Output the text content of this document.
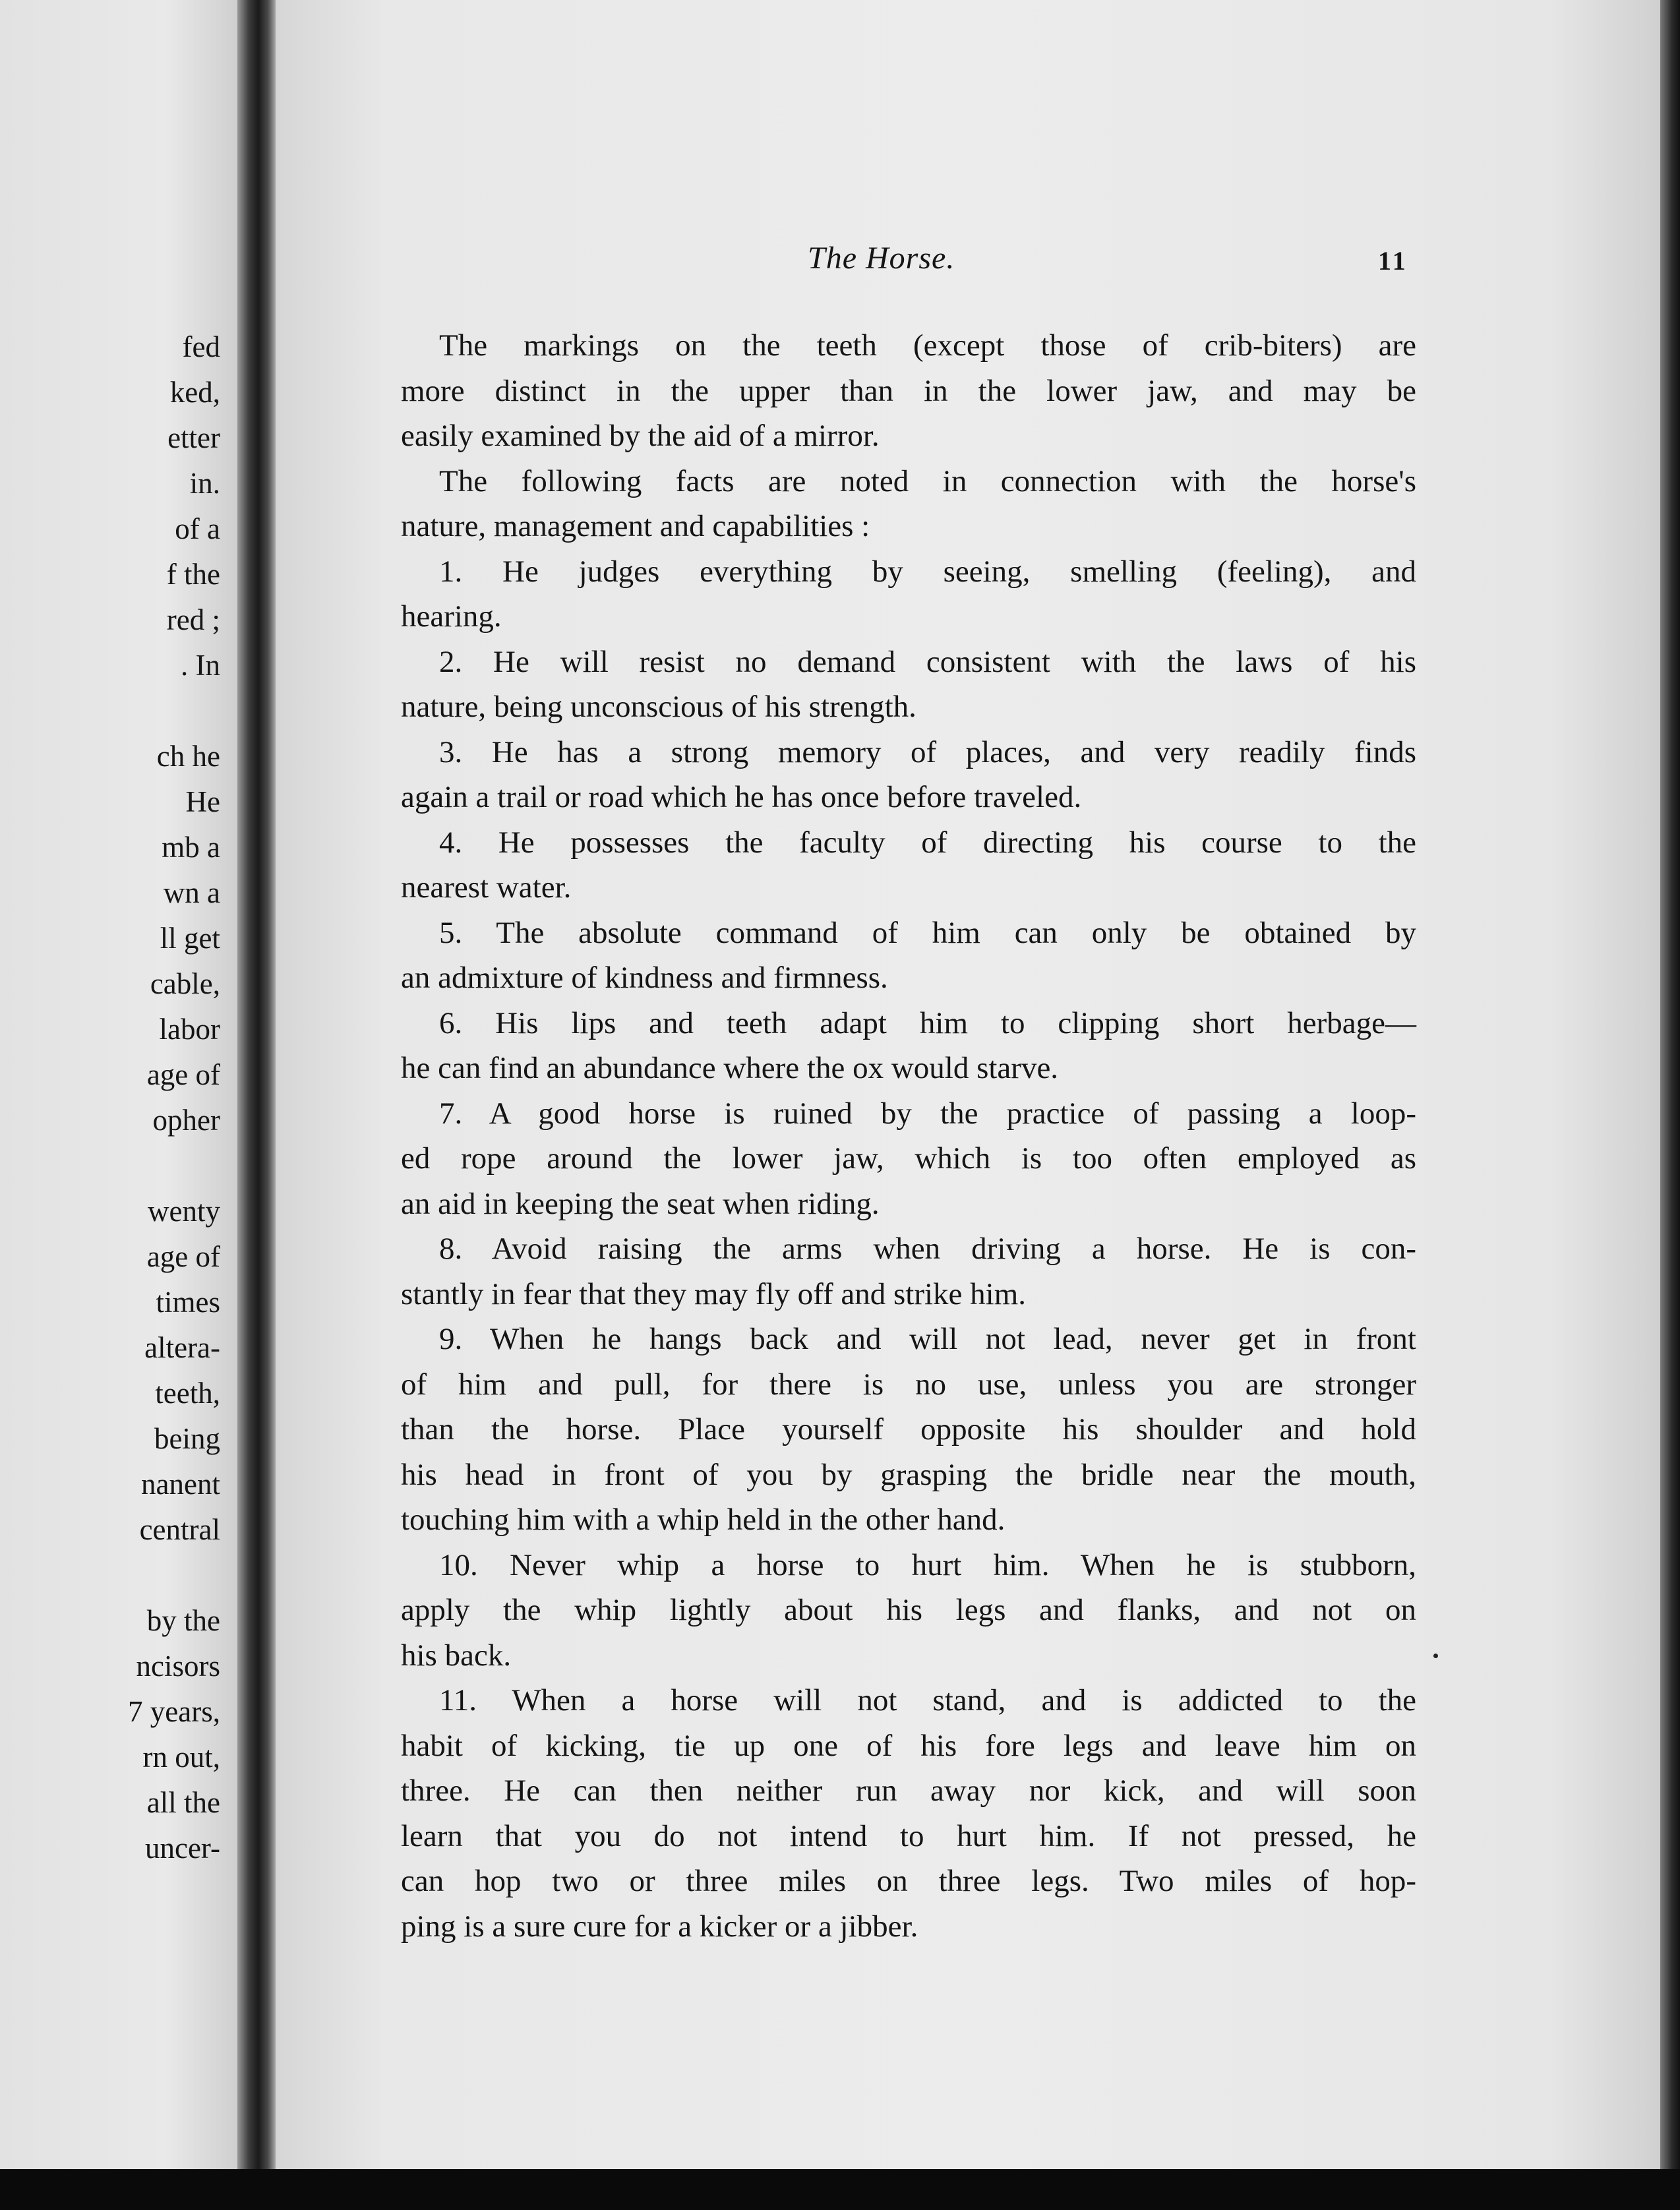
fed
ked,
etter
in.
of a
f the
red ;
. In
ch he
He
mb a
wn a
ll get
cable,
labor
age of
opher
wenty
age of
times
altera-
teeth,
being
nanent
central
by the
ncisors
7 years,
rn out,
all the
uncer-
The Horse.	11
The markings on the teeth (except those of crib-biters) are
more distinct in the upper than in the lower jaw, and may be
easily examined by the aid of a mirror.
The following facts are noted in connection with the horse's
nature, management and capabilities :
1. He judges everything by seeing, smelling (feeling), and
hearing.
2. He will resist no demand consistent with the laws of his
nature, being unconscious of his strength.
3. He has a strong memory of places, and very readily finds
again a trail or road which he has once before traveled.
4. He possesses the faculty of directing his course to the
nearest water.
5. The absolute command of him can only be obtained by
an admixture of kindness and firmness.
6. His lips and teeth adapt him to clipping short herbage—
he can find an abundance where the ox would starve.
7. A good horse is ruined by the practice of passing a loop-
ed rope around the lower jaw, which is too often employed as
an aid in keeping the seat when riding.
8. Avoid raising the arms when driving a horse. He is con-
stantly in fear that they may fly off and strike him.
9. When he hangs back and will not lead, never get in front
of him and pull, for there is no use, unless you are stronger
than the horse. Place yourself opposite his shoulder and hold
his head in front of you by grasping the bridle near the mouth,
touching him with a whip held in the other hand.
10. Never whip a horse to hurt him. When he is stubborn,
apply the whip lightly about his legs and flanks, and not on
his back.
11. When a horse will not stand, and is addicted to the
habit of kicking, tie up one of his fore legs and leave him on
three. He can then neither run away nor kick, and will soon
learn that you do not intend to hurt him. If not pressed, he
can hop two or three miles on three legs. Two miles of hop-
ping is a sure cure for a kicker or a jibber.
